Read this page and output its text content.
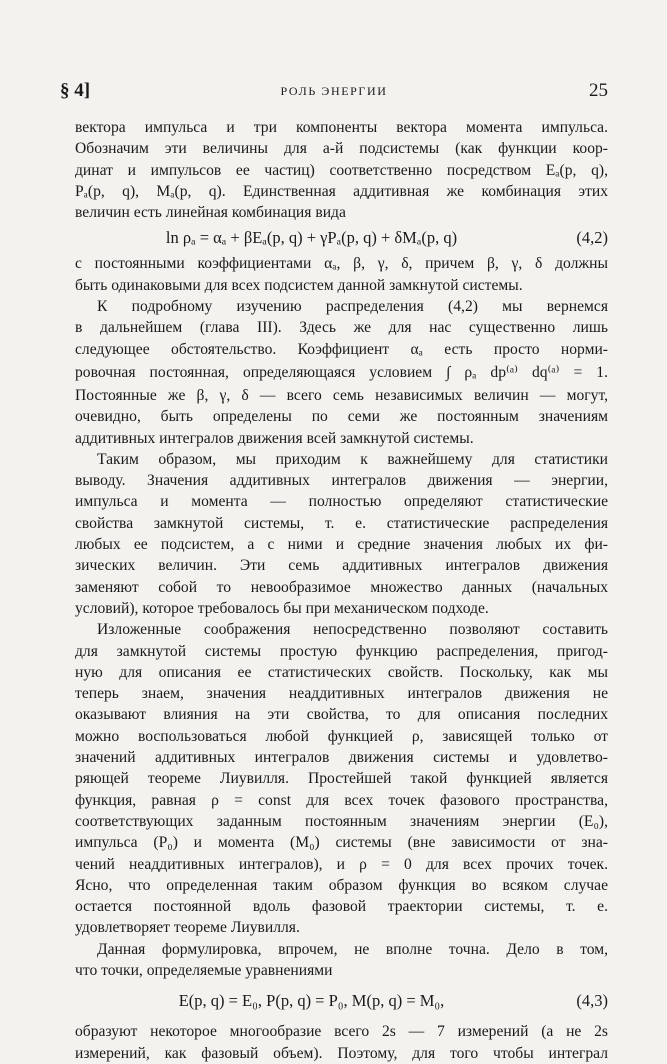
§ 4]	РОЛЬ ЭНЕРГИИ	25
вектора импульса и три компоненты вектора момента импульса.
Обозначим эти величины для a-й подсистемы (как функции коор-
динат и импульсов ее частиц) соответственно посредством Eₐ(p, q),
Pₐ(p, q), Mₐ(p, q). Единственная аддитивная же комбинация этих
величин есть линейная комбинация вида
ln ρₐ = αₐ + βEₐ(p, q) + γPₐ(p, q) + δMₐ(p, q)	(4,2)
с постоянными коэффициентами αₐ, β, γ, δ, причем β, γ, δ должны
быть одинаковыми для всех подсистем данной замкнутой системы.
К подробному изучению распределения (4,2) мы вернемся
в дальнейшем (глава III). Здесь же для нас существенно лишь
следующее обстоятельство. Коэффициент αₐ есть просто норми-
ровочная постоянная, определяющаяся условием ∫ ρₐ dp⁽ᵃ⁾ dq⁽ᵃ⁾ = 1.
Постоянные же β, γ, δ — всего семь независимых величин — могут,
очевидно, быть определены по семи же постоянным значениям
аддитивных интегралов движения всей замкнутой системы.
Таким образом, мы приходим к важнейшему для статистики
выводу. Значения аддитивных интегралов движения — энергии,
импульса и момента — полностью определяют статистические
свойства замкнутой системы, т. е. статистические распределения
любых ее подсистем, а с ними и средние значения любых их фи-
зических величин. Эти семь аддитивных интегралов движения
заменяют собой то невообразимое множество данных (начальных
условий), которое требовалось бы при механическом подходе.
Изложенные соображения непосредственно позволяют составить
для замкнутой системы простую функцию распределения, пригод-
ную для описания ее статистических свойств. Поскольку, как мы
теперь знаем, значения неаддитивных интегралов движения не
оказывают влияния на эти свойства, то для описания последних
можно воспользоваться любой функцией ρ, зависящей только от
значений аддитивных интегралов движения системы и удовлетво-
ряющей теореме Лиувилля. Простейшей такой функцией является
функция, равная ρ = const для всех точек фазового пространства,
соответствующих заданным постоянным значениям энергии (E₀),
импульса (P₀) и момента (M₀) системы (вне зависимости от зна-
чений неаддитивных интегралов), и ρ = 0 для всех прочих точек.
Ясно, что определенная таким образом функция во всяком случае
остается постоянной вдоль фазовой траектории системы, т. е.
удовлетворяет теореме Лиувилля.
Данная формулировка, впрочем, не вполне точна. Дело в том,
что точки, определяемые уравнениями
E(p, q) = E₀, P(p, q) = P₀, M(p, q) = M₀,	(4,3)
образуют некоторое многообразие всего 2s — 7 измерений (а не 2s
измерений, как фазовый объем). Поэтому, для того чтобы интеграл
